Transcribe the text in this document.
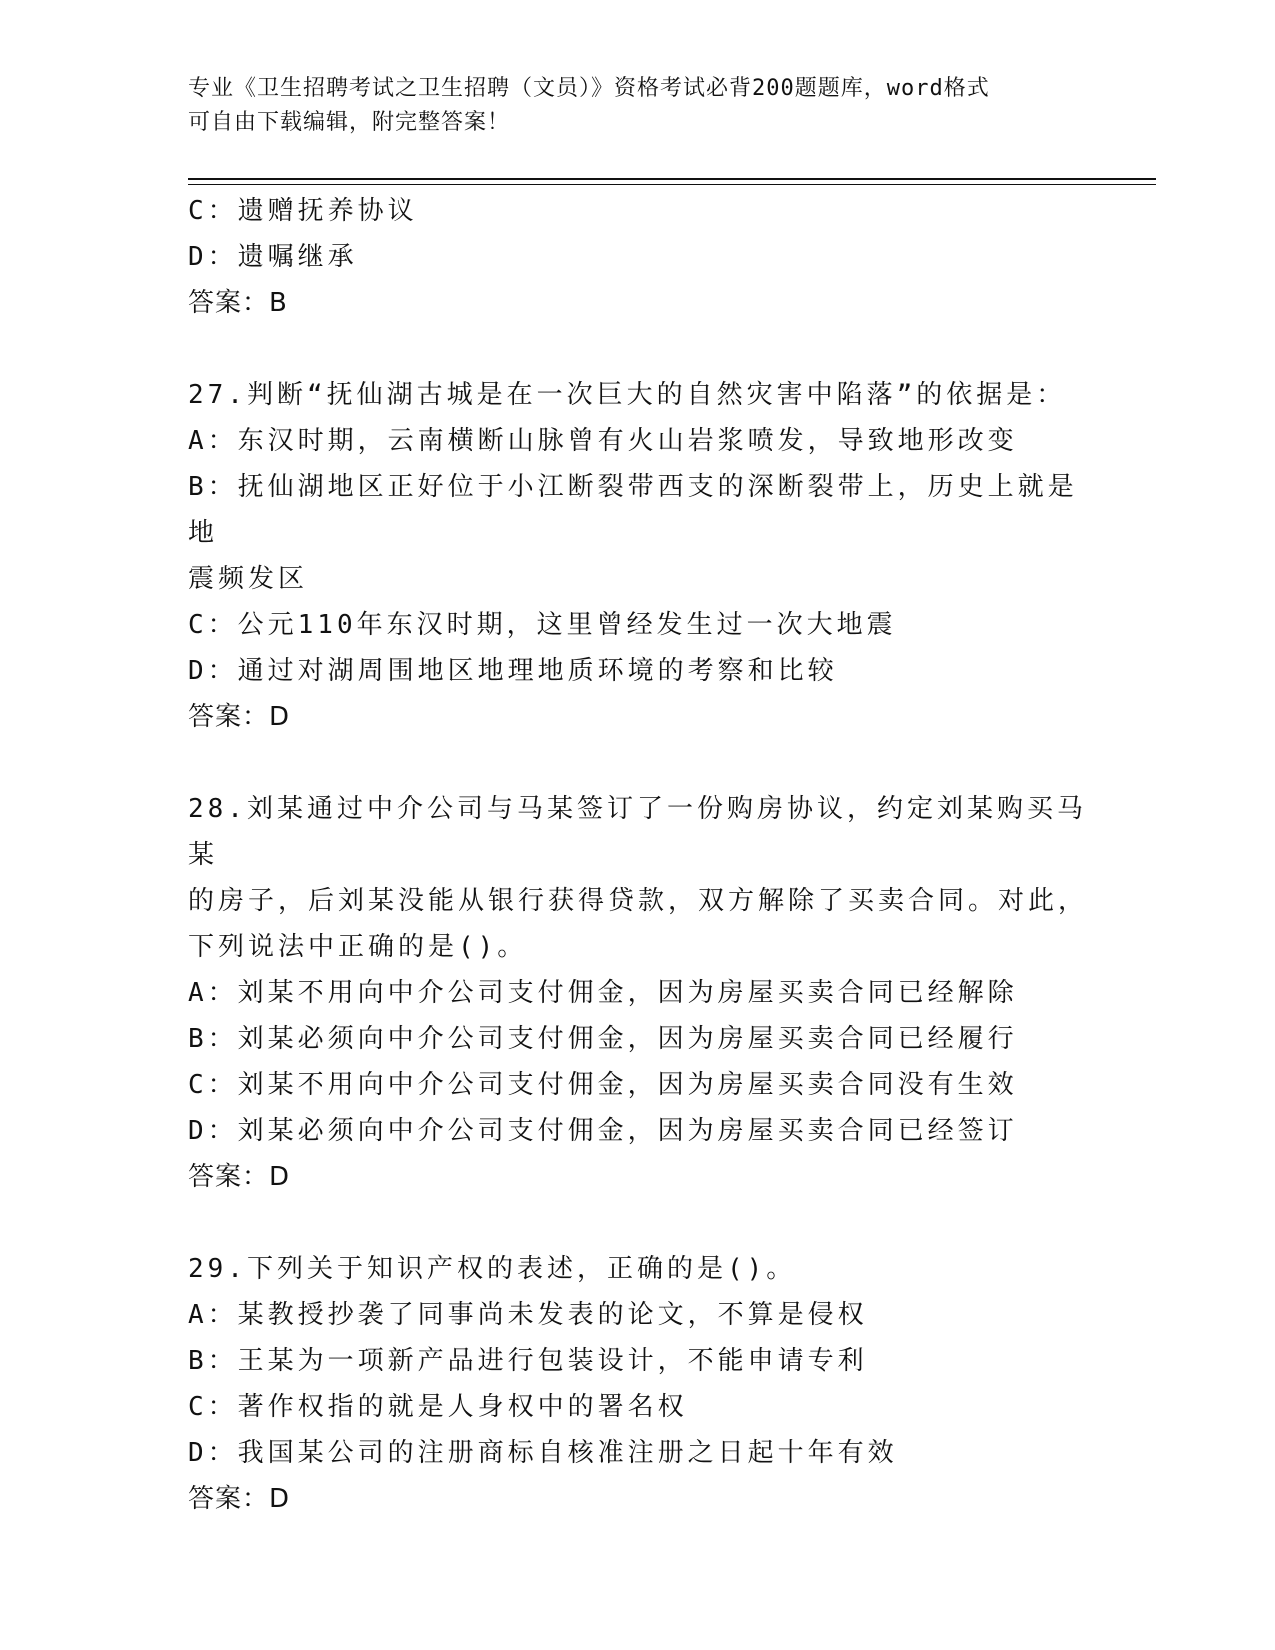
专业《卫生招聘考试之卫生招聘（文员）》资格考试必背200题题库，word格式
可自由下载编辑，附完整答案！
C：遗赠抚养协议
D：遗嘱继承
答案：B
27.判断“抚仙湖古城是在一次巨大的自然灾害中陷落”的依据是：
A：东汉时期，云南横断山脉曾有火山岩浆喷发，导致地形改变
B：抚仙湖地区正好位于小江断裂带西支的深断裂带上，历史上就是地
震频发区
C：公元110年东汉时期，这里曾经发生过一次大地震
D：通过对湖周围地区地理地质环境的考察和比较
答案：D
28.刘某通过中介公司与马某签订了一份购房协议，约定刘某购买马某
的房子，后刘某没能从银行获得贷款，双方解除了买卖合同。对此，
下列说法中正确的是()。
A：刘某不用向中介公司支付佣金，因为房屋买卖合同已经解除
B：刘某必须向中介公司支付佣金，因为房屋买卖合同已经履行
C：刘某不用向中介公司支付佣金，因为房屋买卖合同没有生效
D：刘某必须向中介公司支付佣金，因为房屋买卖合同已经签订
答案：D
29.下列关于知识产权的表述，正确的是()。
A：某教授抄袭了同事尚未发表的论文，不算是侵权
B：王某为一项新产品进行包装设计，不能申请专利
C：著作权指的就是人身权中的署名权
D：我国某公司的注册商标自核准注册之日起十年有效
答案：D
